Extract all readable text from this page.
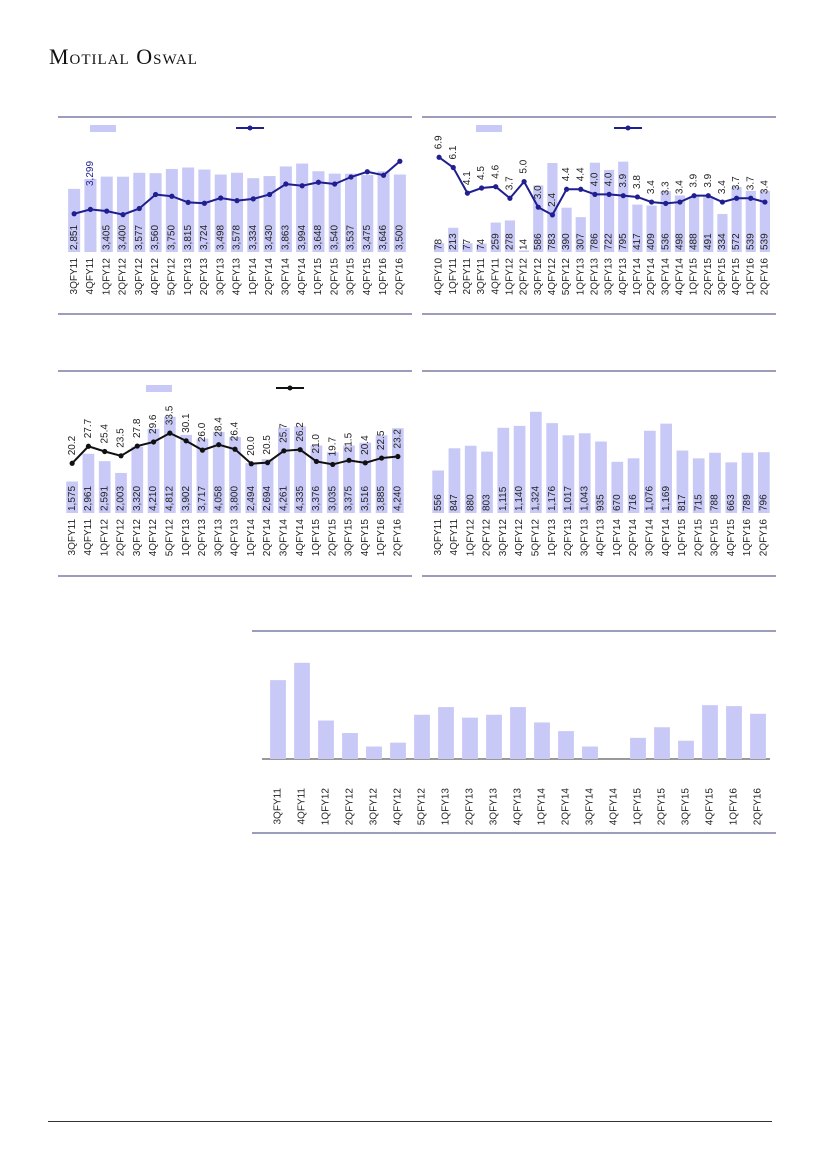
Motilal Oswal
2,851
3,299
3,405 3,400 3,577 3,560 3,750 3,815 3,724 3,498 3,578 3,334 3,430 3,863 3,994 3,648 3,540 3,537 3,475 3,646 3,500
3QFY11 4QFY11 1QFY12 2QFY12 3QFY12 4QFY12 5QFY12 1QFY13 2QFY13 3QFY13 4QFY13 1QFY14 2QFY14 3QFY14 4QFY14 1QFY15 2QFY15 3QFY15 4QFY15 1QFY16 2QFY16
78 213 77 74 259 278 14 586 783 390 307 786 722 795 417 409 536 498 488 491 334 572 539 539
6.9
6.1
4.1 4.5 4.6
3.7
5.0
3.0
2.4
4.4 4.4 4.0 4.0 3.9 3.8 3.4 3.3 3.4 3.9 3.9 3.4 3.7 3.7 3.4
4QFY10 1QFY11 2QFY11 3QFY11 4QFY11 1QFY12 2QFY12 3QFY12 4QFY12 5QFY12 1QFY13 2QFY13 3QFY13 4QFY13 1QFY14 2QFY14 3QFY14 4QFY14 1QFY15 2QFY15 3QFY15 4QFY15 1QFY16 2QFY16
1,575 2,961 2,591 2,003 3,320 4,210 4,812 3,902 3,717 4,058 3,800 2,494 2,694 4,261 4,335 3,376 3,035 3,375 3,516 3,885 4,240
20.2
27.7 25.4 23.5
27.8 29.6 33.5 30.1 26.0 28.4 26.4
20.0 20.5
25.7 26.2
21.0 19.7 21.5 20.4 22.5 23.2
3QFY11 4QFY11 1QFY12 2QFY12 3QFY12 4QFY12 5QFY12 1QFY13 2QFY13 3QFY13 4QFY13 1QFY14 2QFY14 3QFY14 4QFY14 1QFY15 2QFY15 3QFY15 4QFY15 1QFY16 2QFY16
556 847 880 803 1,115 1,140 1,324 1,176 1,017 1,043 935 670 716 1,076 1,169 817 715 788 663 789 796
3QFY11 4QFY11 1QFY12 2QFY12 3QFY12 4QFY12 5QFY12 1QFY13 2QFY13 3QFY13 4QFY13 1QFY14 2QFY14 3QFY14 4QFY14 1QFY15 2QFY15 3QFY15 4QFY15 1QFY16 2QFY16
3QFY11 4QFY11 1QFY12 2QFY12 3QFY12 4QFY12 5QFY12 1QFY13 2QFY13 3QFY13 4QFY13 1QFY14 2QFY14 3QFY14 4QFY14 1QFY15 2QFY15 3QFY15 4QFY15 1QFY16 2QFY16
